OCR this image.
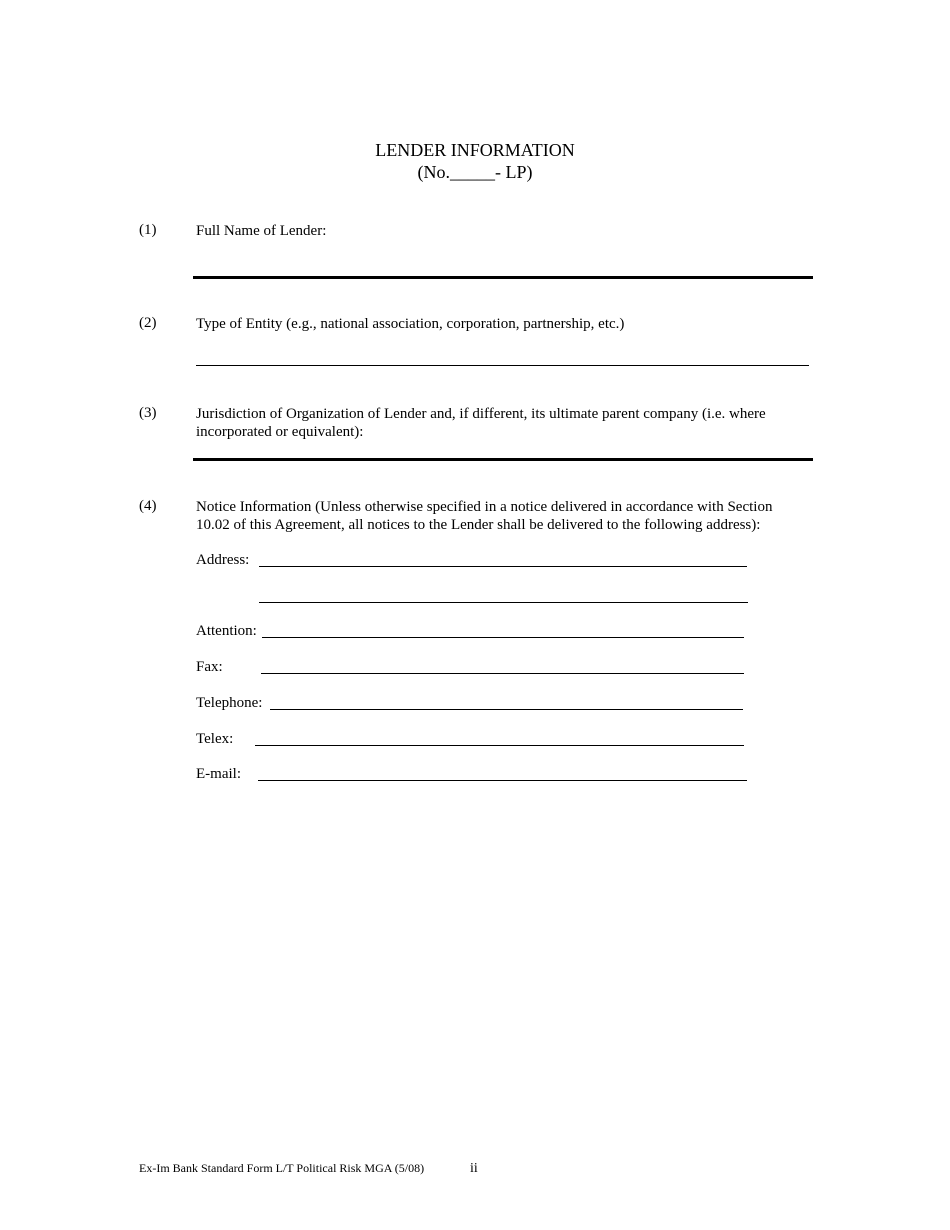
LENDER INFORMATION
(No._____- LP)
(1)	Full Name of Lender:
(2)	Type of Entity (e.g., national association, corporation, partnership, etc.)
(3)	Jurisdiction of Organization of Lender and, if different, its ultimate parent company (i.e. where incorporated or equivalent):
(4)	Notice Information (Unless otherwise specified in a notice delivered in accordance with Section 10.02 of this Agreement, all notices to the Lender shall be delivered to the following address):
Address:
Attention:
Fax:
Telephone:
Telex:
E-mail:
Ex-Im Bank Standard Form L/T Political Risk MGA (5/08)	ii
